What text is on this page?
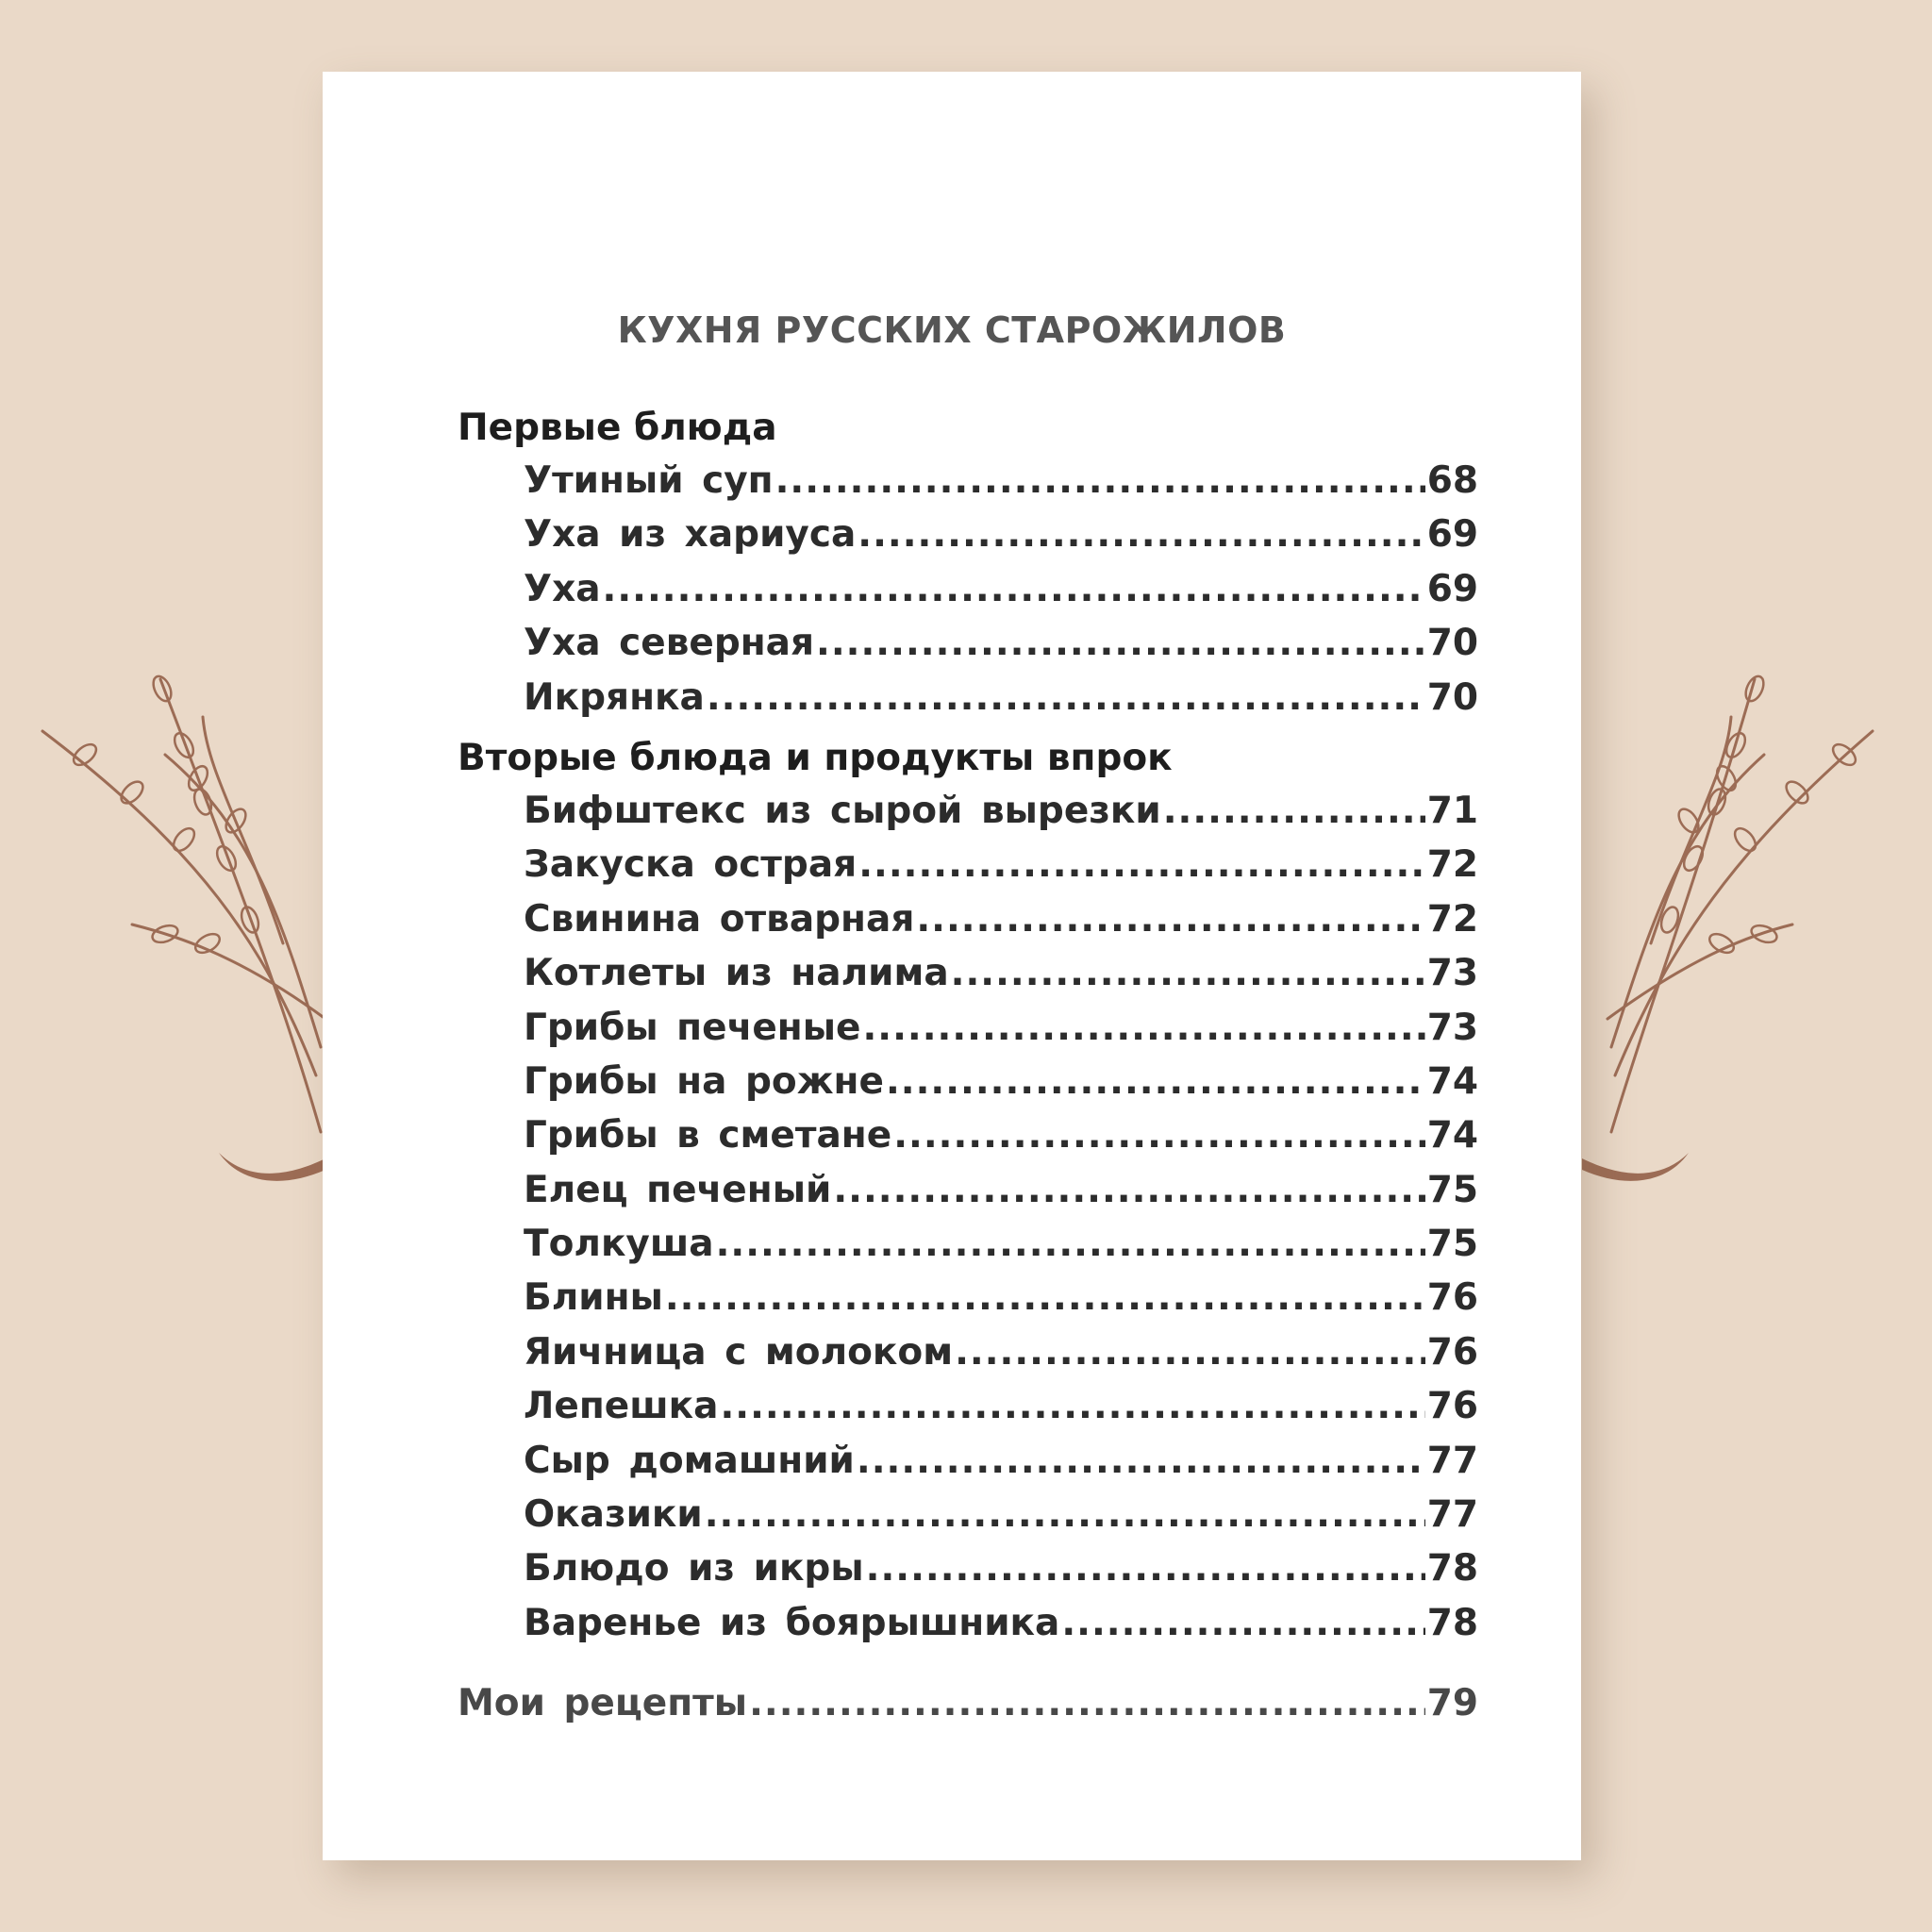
КУХНЯ РУССКИХ СТАРОЖИЛОВ
Первые блюда
Утиный суп .....	68
Уха из хариуса .....	69
Уха .....	69
Уха северная .....	70
Икрянка .....	70
Вторые блюда и продукты впрок
Бифштекс из сырой вырезки .....	71
Закуска острая .....	72
Свинина отварная .....	72
Котлеты из налима .....	73
Грибы печеные .....	73
Грибы на рожне .....	74
Грибы в сметане .....	74
Елец печеный .....	75
Толкуша .....	75
Блины .....	76
Яичница с молоком .....	76
Лепешка .....	76
Сыр домашний .....	77
Оказики .....	77
Блюдо из икры .....	78
Варенье из боярышника .....	78
Мои рецепты .....	79
